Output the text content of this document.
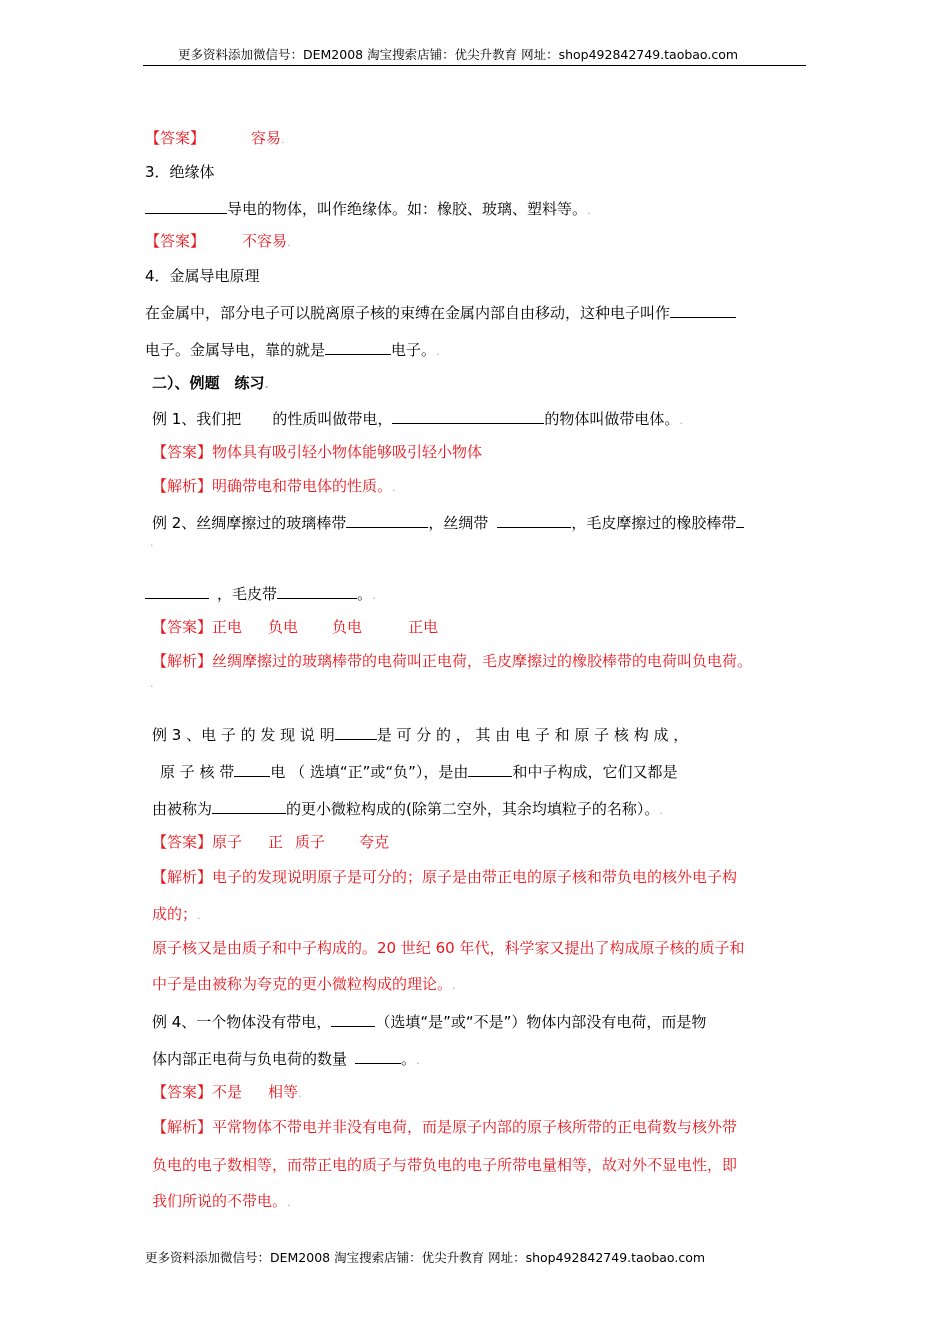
更多资料添加微信号：DEM2008 淘宝搜索店铺：优尖升教育 网址：shop492842749.taobao.com
【答案】	容易.
3．绝缘体
导电的物体，叫作绝缘体。如：橡胶、玻璃、塑料等。.
【答案】 不容易.
4．金属导电原理
在金属中，部分电子可以脱离原子核的束缚在金属内部自由移动，这种电子叫作
电子。金属导电，靠的就是	电子。.
二）、例题　练习.
例 1、我们把 的性质叫做带电，	的物体叫做带电体。.
【答案】物体具有吸引轻小物体能够吸引轻小物体
【解析】明确带电和带电体的性质。.
例 2、丝绸摩擦过的玻璃棒带	，丝绸带	，毛皮摩擦过的橡胶棒带
.
，毛皮带	。.
【答案】正电 负电 负电	正电
【解析】丝绸摩擦过的玻璃棒带的电荷叫正电荷，毛皮摩擦过的橡胶棒带的电荷叫负电荷。
.
例 3 、电 子 的 发 现 说 明	是 可 分 的 ， 其 由 电 子 和 原 子 核 构 成 ，
原 子 核 带 电 （ 选填“正”或“负”），是由	和中子构成，它们又都是
由被称为	的更小微粒构成的(除第二空外，其余均填粒子的名称）。.
【答案】原子 正 质子 夸克
【解析】电子的发现说明原子是可分的；原子是由带正电的原子核和带负电的核外电子构
成的；.
原子核又是由质子和中子构成的。20 世纪 60 年代，科学家又提出了构成原子核的质子和
中子是由被称为夸克的更小微粒构成的理论。.
例 4、一个物体没有带电，	（选填“是”或“不是”）物体内部没有电荷，而是物
体内部正电荷与负电荷的数量	。.
【答案】不是 相等.
【解析】平常物体不带电并非没有电荷，而是原子内部的原子核所带的正电荷数与核外带
负电的电子数相等，而带正电的质子与带负电的电子所带电量相等，故对外不显电性，即
我们所说的不带电。.
更多资料添加微信号：DEM2008 淘宝搜索店铺：优尖升教育 网址：shop492842749.taobao.com
